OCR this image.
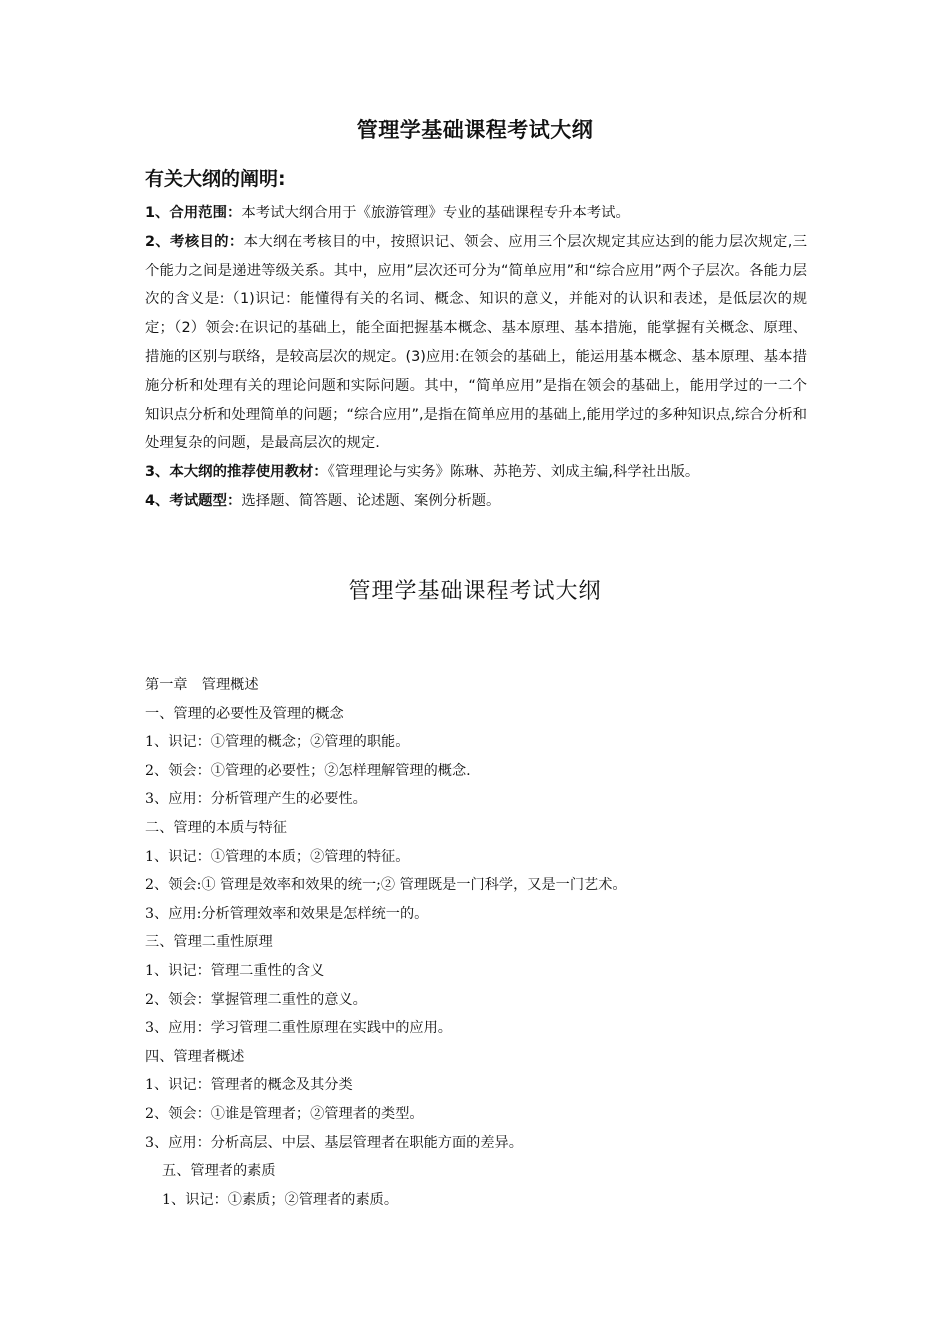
管理学基础课程考试大纲
有关大纲的阐明:

1、合用范围：本考试大纲合用于《旅游管理》专业的基础课程专升本考试。

2、考核目的：本大纲在考核目的中，按照识记、领会、应用三个层次规定其应达到的能力层次规定,三个能力之间是递进等级关系。其中，应用”层次还可分为“简单应用”和“综合应用”两个子层次。各能力层次的含义是:（1)识记：能懂得有关的名词、概念、知识的意义，并能对的认识和表述，是低层次的规定；（2）领会:在识记的基础上，能全面把握基本概念、基本原理、基本措施，能掌握有关概念、原理、措施的区别与联络，是较高层次的规定。(3)应用:在领会的基础上，能运用基本概念、基本原理、基本措施分析和处理有关的理论问题和实际问题。其中，“简单应用”是指在领会的基础上，能用学过的一二个知识点分析和处理简单的问题；“综合应用”,是指在简单应用的基础上,能用学过的多种知识点,综合分析和处理复杂的问题，是最高层次的规定.

3、本大纲的推荐使用教材：《管理理论与实务》陈琳、苏艳芳、刘成主编,科学社出版。

4、考试题型：选择题、简答题、论述题、案例分析题。

管理学基础课程考试大纲
第一章　管理概述
一、管理的必要性及管理的概念
1、识记：①管理的概念；②管理的职能。
2、领会：①管理的必要性；②怎样理解管理的概念.
3、应用：分析管理产生的必要性。
二、管理的本质与特征
1、识记：①管理的本质；②管理的特征。
2、领会:① 管理是效率和效果的统一;② 管理既是一门科学，又是一门艺术。
3、应用:分析管理效率和效果是怎样统一的。
三、管理二重性原理
1、识记：管理二重性的含义
2、领会：掌握管理二重性的意义。
3、应用：学习管理二重性原理在实践中的应用。
四、管理者概述
1、识记：管理者的概念及其分类
2、领会：①谁是管理者；②管理者的类型。
3、应用：分析高层、中层、基层管理者在职能方面的差异。
五、管理者的素质
1、识记：①素质；②管理者的素质。
